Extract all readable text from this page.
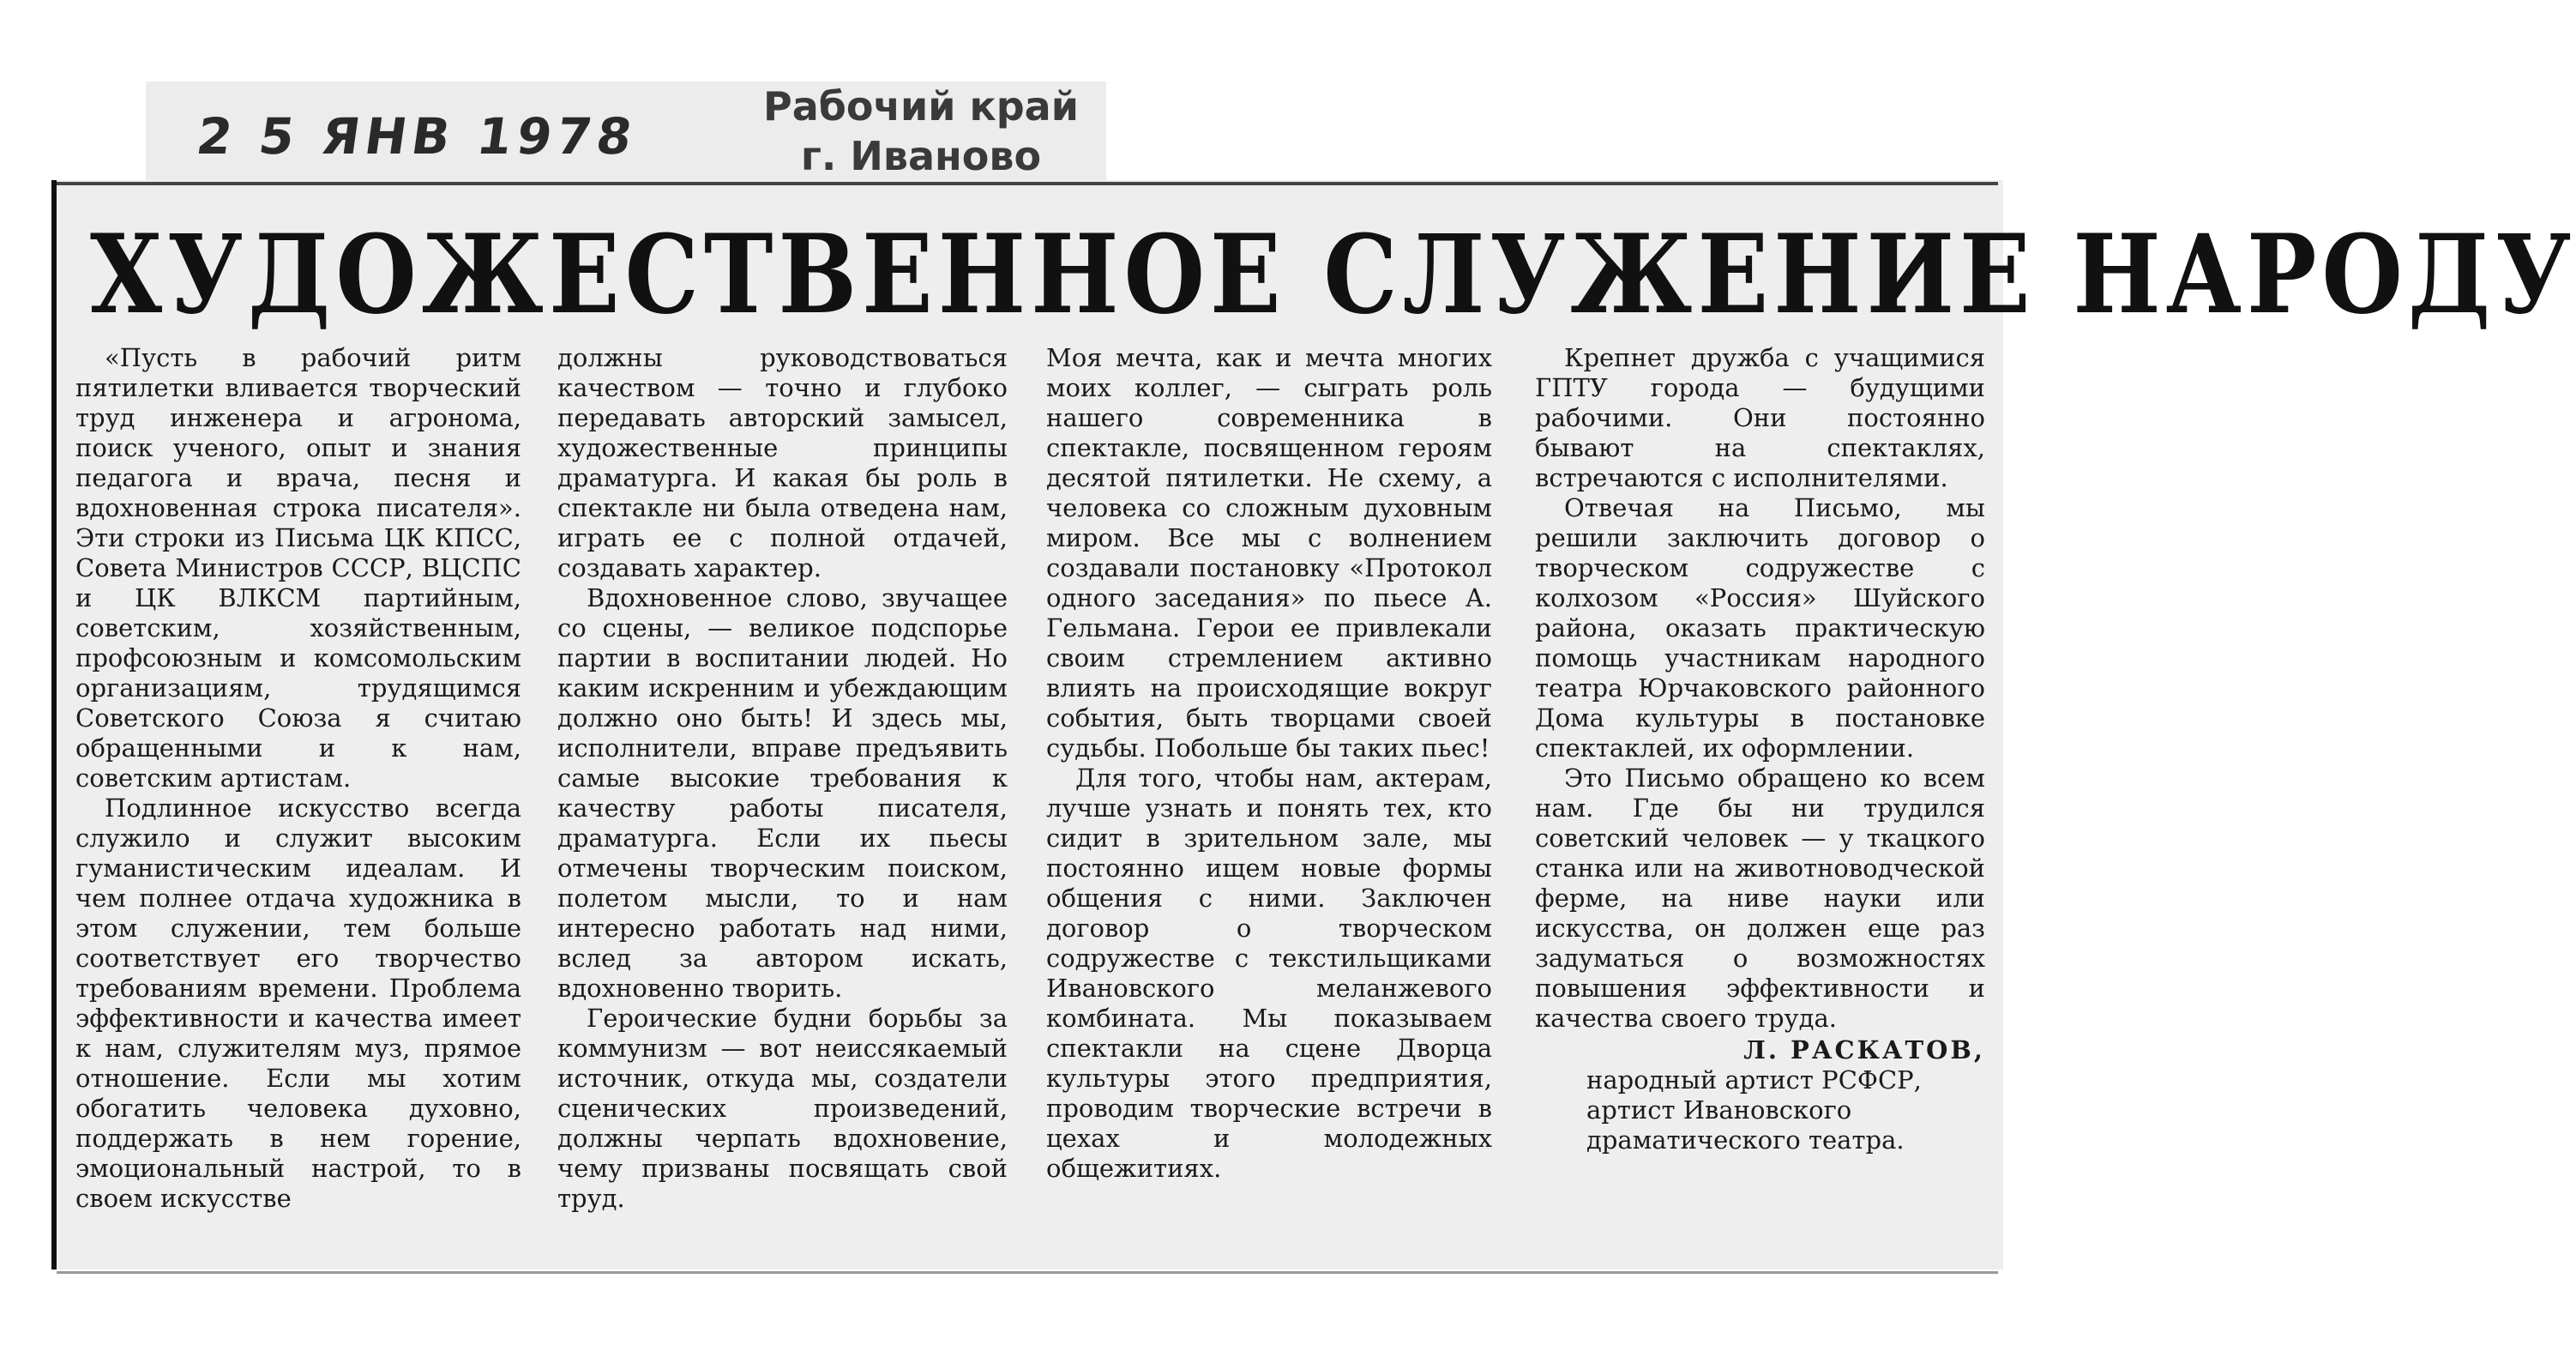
2 5 ЯНВ 1978
Рабочий край
г. Иваново
ХУДОЖЕСТВЕННОЕ СЛУЖЕНИЕ НАРОДУ

«Пусть в рабочий ритм пятилетки вливается творческий труд инженера и агронома, поиск ученого, опыт и знания педагога и врача, песня и вдохновенная строка писателя». Эти строки из Письма ЦК КПСС, Совета Министров СССР, ВЦСПС и ЦК ВЛКСМ партийным, советским, хозяйственным, профсоюзным и комсомольским организациям, трудящимся Советского Союза я считаю обращенными и к нам, советским артистам.

Подлинное искусство всегда служило и служит высоким гуманистическим идеалам. И чем полнее отдача художника в этом служении, тем больше соответствует его творчество требованиям времени. Проблема эффективности и качества имеет к нам, служителям муз, прямое отношение. Если мы хотим обогатить человека духовно, поддержать в нем горение, эмоциональный настрой, то в своем искусстве

должны руководствоваться качеством — точно и глубоко передавать авторский замысел, художественные принципы драматурга. И какая бы роль в спектакле ни была отведена нам, играть ее с полной отдачей, создавать характер.

Вдохновенное слово, звучащее со сцены, — великое подспорье партии в воспитании людей. Но каким искренним и убеждающим должно оно быть! И здесь мы, исполнители, вправе предъявить самые высокие требования к качеству работы писателя, драматурга. Если их пьесы отмечены творческим поиском, полетом мысли, то и нам интересно работать над ними, вслед за автором искать, вдохновенно творить.

Героические будни борьбы за коммунизм — вот неиссякаемый источник, откуда мы, создатели сценических произведений, должны черпать вдохновение, чему призваны посвящать свой труд.

Моя мечта, как и мечта многих моих коллег, — сыграть роль нашего современника в спектакле, посвященном героям десятой пятилетки. Не схему, а человека со сложным духовным миром. Все мы с волнением создавали постановку «Протокол одного заседания» по пьесе А. Гельмана. Герои ее привлекали своим стремлением активно влиять на происходящие вокруг события, быть творцами своей судьбы. Побольше бы таких пьес!

Для того, чтобы нам, актерам, лучше узнать и понять тех, кто сидит в зрительном зале, мы постоянно ищем новые формы общения с ними. Заключен договор о творческом содружестве с текстильщиками Ивановского меланжевого комбината. Мы показываем спектакли на сцене Дворца культуры этого предприятия, проводим творческие встречи в цехах и молодежных общежитиях.

Крепнет дружба с учащимися ГПТУ города — будущими рабочими. Они постоянно бывают на спектаклях, встречаются с исполнителями.

Отвечая на Письмо, мы решили заключить договор о творческом содружестве с колхозом «Россия» Шуйского района, оказать практическую помощь участникам народного театра Юрчаковского районного Дома культуры в постановке спектаклей, их оформлении.

Это Письмо обращено ко всем нам. Где бы ни трудился советский человек — у ткацкого станка или на животноводческой ферме, на ниве науки или искусства, он должен еще раз задуматься о возможностях повышения эффективности и качества своего труда.

Л. РАСКАТОВ,

народный артист РСФСР, артист Ивановского драматического театра.
